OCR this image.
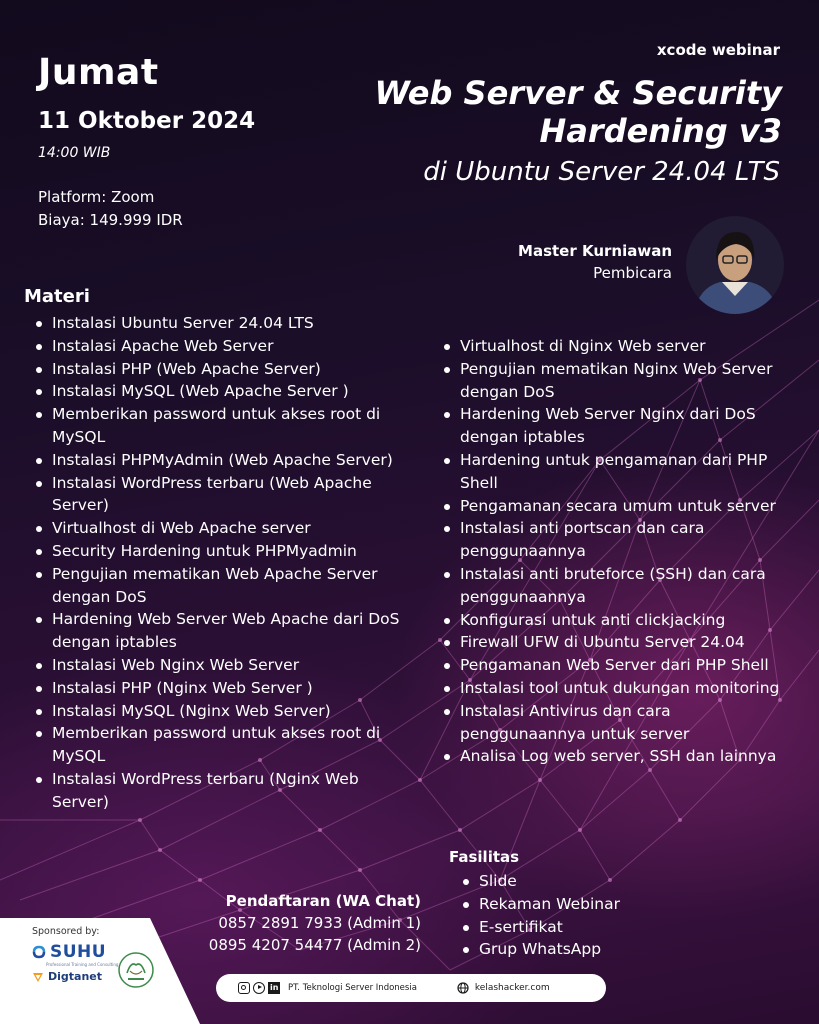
Jumat
11 Oktober 2024
14:00 WIB
Platform: Zoom
Biaya: 149.999 IDR
xcode webinar
Web Server & Security
Hardening v3
di Ubuntu Server 24.04 LTS
Master Kurniawan
Pembicara
Materi
Instalasi Ubuntu Server 24.04 LTS
Instalasi Apache Web Server
Instalasi PHP (Web Apache Server)
Instalasi MySQL (Web Apache Server )
Memberikan password untuk akses root di MySQL
Instalasi PHPMyAdmin (Web Apache Server)
Instalasi WordPress terbaru (Web Apache Server)
Virtualhost di Web Apache server
Security Hardening untuk PHPMyadmin
Pengujian mematikan Web Apache Server dengan DoS
Hardening Web Server Web Apache dari DoS dengan iptables
Instalasi Web Nginx Web Server
Instalasi PHP (Nginx Web Server )
Instalasi MySQL (Nginx Web Server)
Memberikan password untuk akses root di MySQL
Instalasi WordPress terbaru (Nginx Web Server)
Virtualhost di Nginx Web server
Pengujian mematikan Nginx Web Server dengan DoS
Hardening Web Server Nginx dari DoS dengan iptables
Hardening untuk pengamanan dari PHP Shell
Pengamanan secara umum untuk server
Instalasi anti portscan dan cara penggunaannya
Instalasi anti bruteforce (SSH) dan cara penggunaannya
Konfigurasi untuk anti clickjacking
Firewall UFW di Ubuntu Server 24.04
Pengamanan Web Server dari PHP Shell
Instalasi tool untuk dukungan monitoring
Instalasi Antivirus dan cara penggunaannya untuk server
Analisa Log web server, SSH dan lainnya
Fasilitas
Slide
Rekaman Webinar
E-sertifikat
Grup WhatsApp
Pendaftaran (WA Chat)
0857 2891 7933 (Admin 1)
0895 4207 54477 (Admin 2)
Sponsored by:
SUHU
Professional Training and Consulting
Digtanet
in PT. Teknologi Server Indonesia	kelashacker.com
